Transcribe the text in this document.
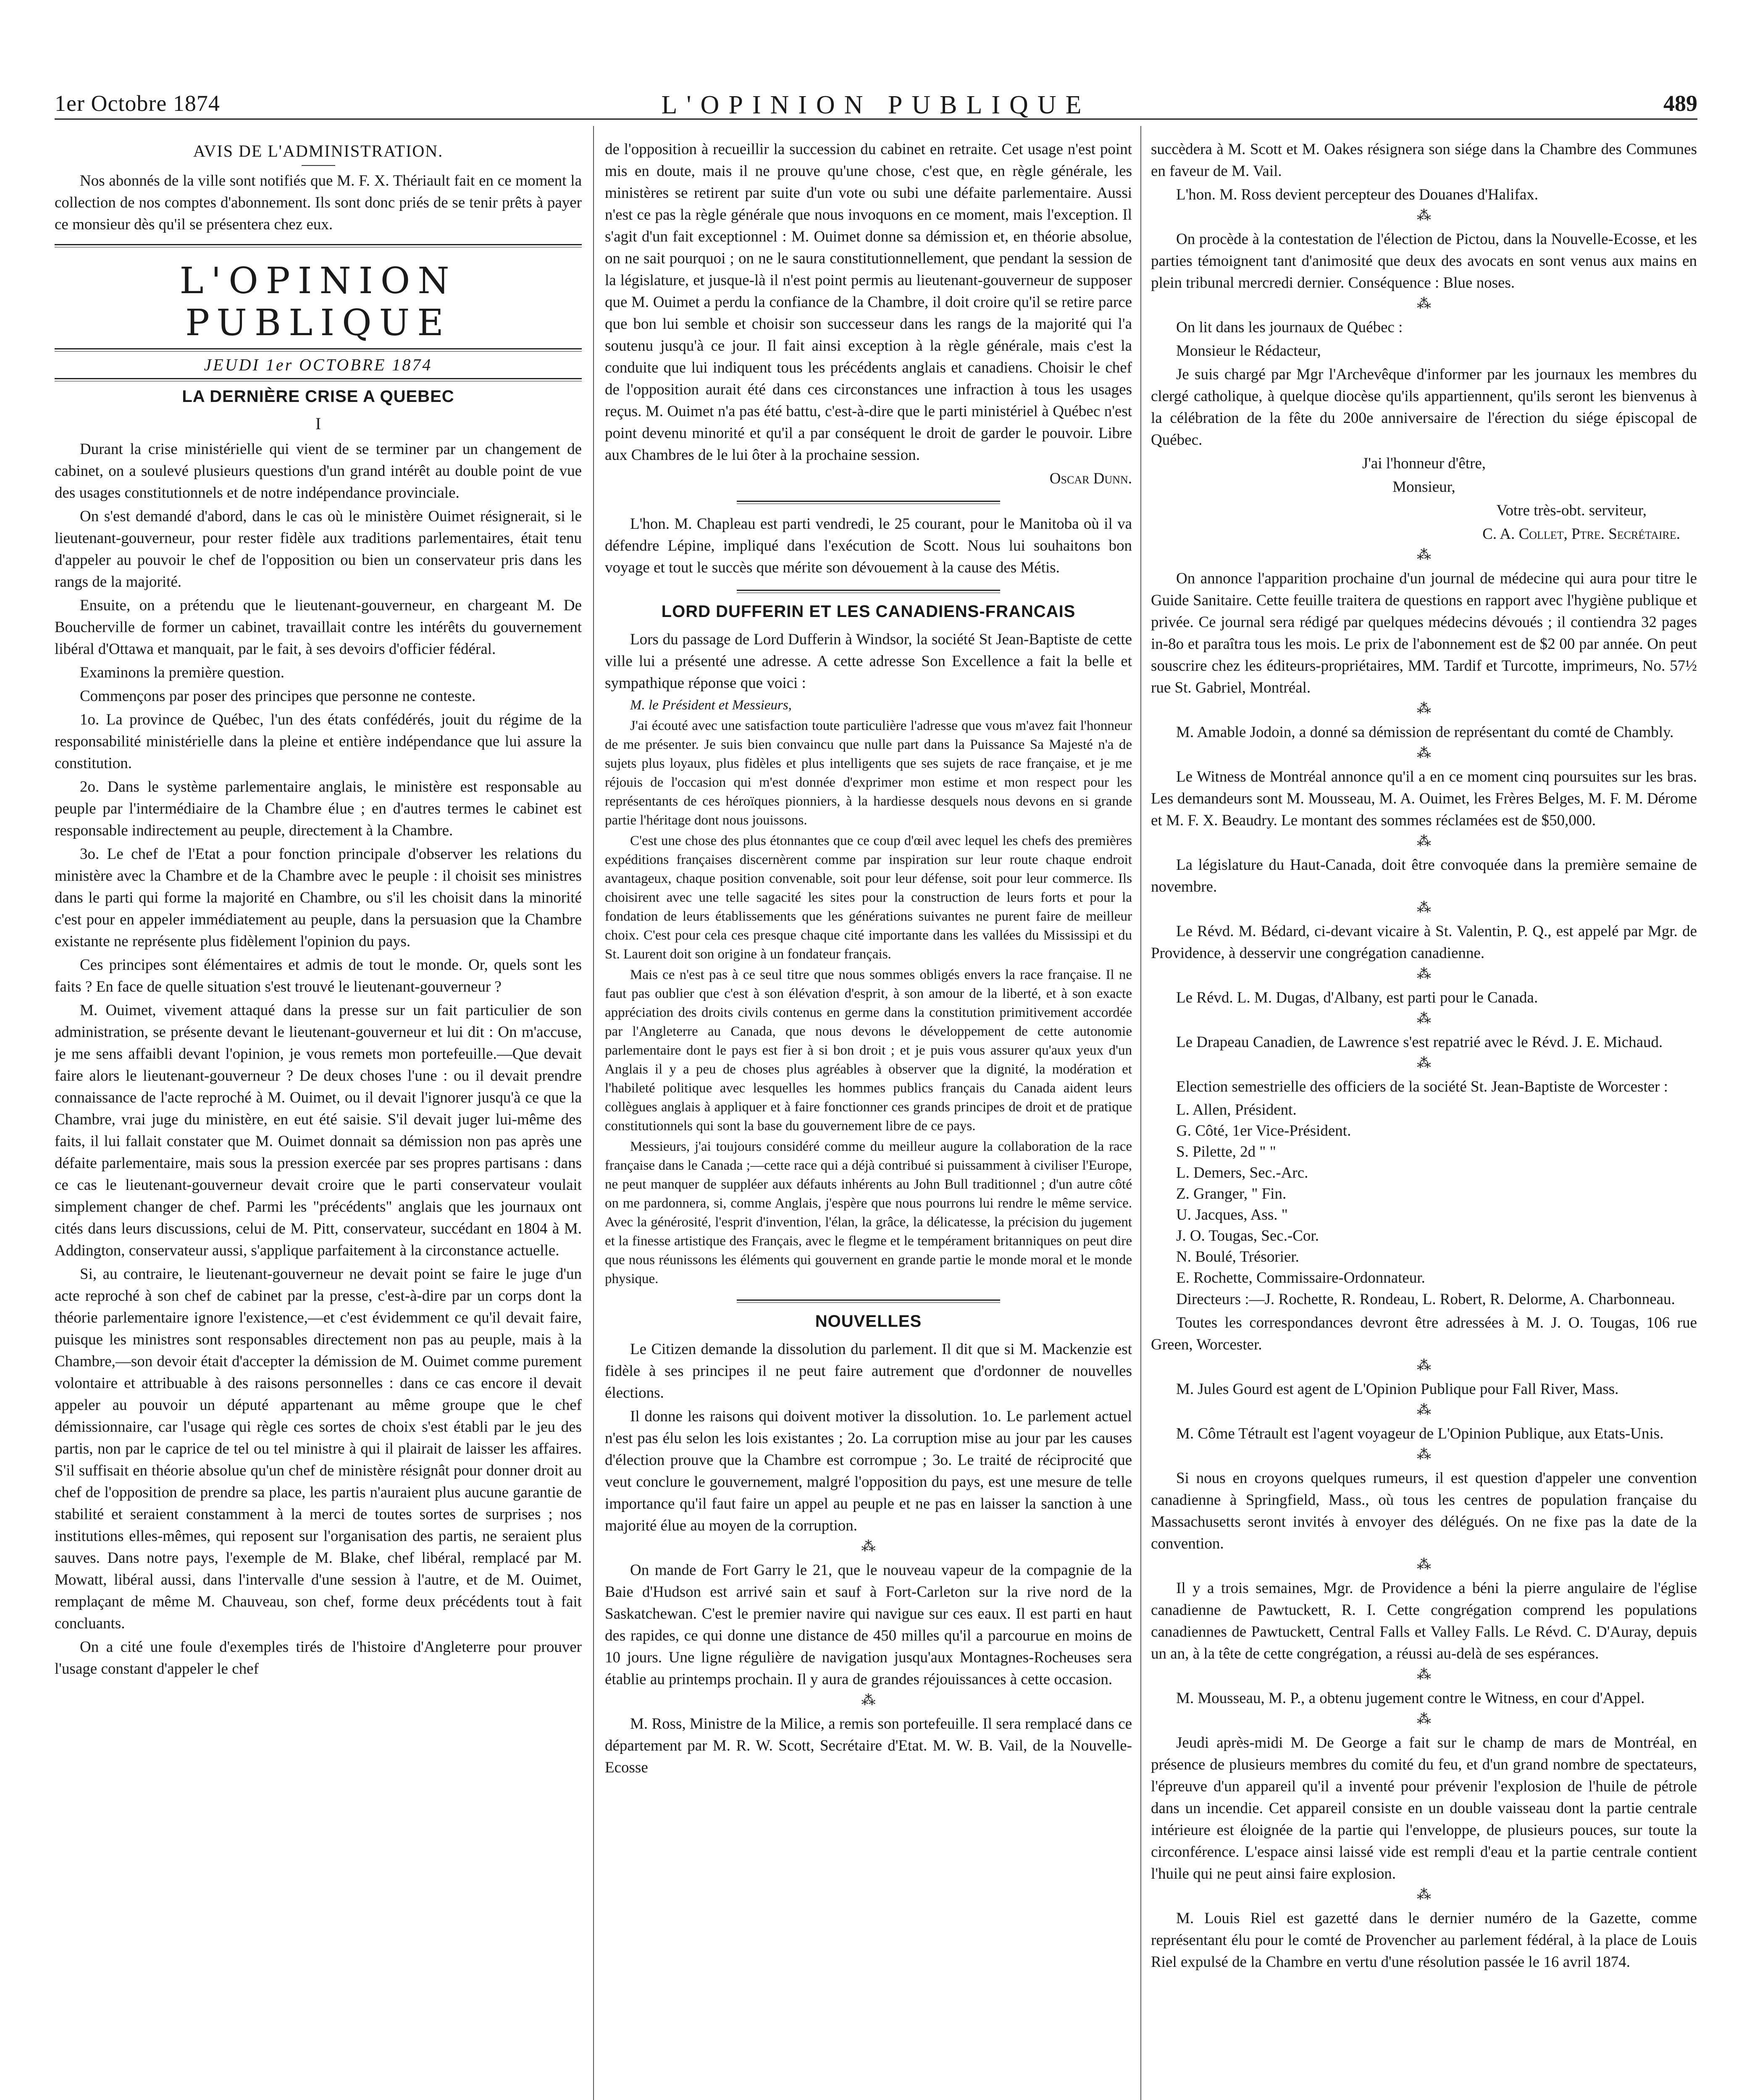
1er Octobre 1874	L'OPINION PUBLIQUE	489
AVIS DE L'ADMINISTRATION.

Nos abonnés de la ville sont notifiés que M. F. X. Thériault fait en ce moment la collection de nos comptes d'abonnement. Ils sont donc priés de se tenir prêts à payer ce monsieur dès qu'il se présentera chez eux.

L'OPINION PUBLIQUE
JEUDI 1er OCTOBRE 1874
LA DERNIÈRE CRISE A QUEBEC
I

Durant la crise ministérielle qui vient de se terminer par un changement de cabinet, on a soulevé plusieurs questions d'un grand intérêt au double point de vue des usages constitutionnels et de notre indépendance provinciale.

On s'est demandé d'abord, dans le cas où le ministère Ouimet résignerait, si le lieutenant-gouverneur, pour rester fidèle aux traditions parlementaires, était tenu d'appeler au pouvoir le chef de l'opposition ou bien un conservateur pris dans les rangs de la majorité.

Ensuite, on a prétendu que le lieutenant-gouverneur, en chargeant M. De Boucherville de former un cabinet, travaillait contre les intérêts du gouvernement libéral d'Ottawa et manquait, par le fait, à ses devoirs d'officier fédéral.

Examinons la première question.

Commençons par poser des principes que personne ne conteste.

1o. La province de Québec, l'un des états confédérés, jouit du régime de la responsabilité ministérielle dans la pleine et entière indépendance que lui assure la constitution.

2o. Dans le système parlementaire anglais, le ministère est responsable au peuple par l'intermédiaire de la Chambre élue ; en d'autres termes le cabinet est responsable indirectement au peuple, directement à la Chambre.

3o. Le chef de l'Etat a pour fonction principale d'observer les relations du ministère avec la Chambre et de la Chambre avec le peuple : il choisit ses ministres dans le parti qui forme la majorité en Chambre, ou s'il les choisit dans la minorité c'est pour en appeler immédiatement au peuple, dans la persuasion que la Chambre existante ne représente plus fidèlement l'opinion du pays.

Ces principes sont élémentaires et admis de tout le monde. Or, quels sont les faits ? En face de quelle situation s'est trouvé le lieutenant-gouverneur ?

M. Ouimet, vivement attaqué dans la presse sur un fait particulier de son administration, se présente devant le lieutenant-gouverneur et lui dit : On m'accuse, je me sens affaibli devant l'opinion, je vous remets mon portefeuille.—Que devait faire alors le lieutenant-gouverneur ? De deux choses l'une : ou il devait prendre connaissance de l'acte reproché à M. Ouimet, ou il devait l'ignorer jusqu'à ce que la Chambre, vrai juge du ministère, en eut été saisie. S'il devait juger lui-même des faits, il lui fallait constater que M. Ouimet donnait sa démission non pas après une défaite parlementaire, mais sous la pression exercée par ses propres partisans : dans ce cas le lieutenant-gouverneur devait croire que le parti conservateur voulait simplement changer de chef. Parmi les "précédents" anglais que les journaux ont cités dans leurs discussions, celui de M. Pitt, conservateur, succédant en 1804 à M. Addington, conservateur aussi, s'applique parfaitement à la circonstance actuelle.

Si, au contraire, le lieutenant-gouverneur ne devait point se faire le juge d'un acte reproché à son chef de cabinet par la presse, c'est-à-dire par un corps dont la théorie parlementaire ignore l'existence,—et c'est évidemment ce qu'il devait faire, puisque les ministres sont responsables directement non pas au peuple, mais à la Chambre,—son devoir était d'accepter la démission de M. Ouimet comme purement volontaire et attribuable à des raisons personnelles : dans ce cas encore il devait appeler au pouvoir un député appartenant au même groupe que le chef démissionnaire, car l'usage qui règle ces sortes de choix s'est établi par le jeu des partis, non par le caprice de tel ou tel ministre à qui il plairait de laisser les affaires. S'il suffisait en théorie absolue qu'un chef de ministère résignât pour donner droit au chef de l'opposition de prendre sa place, les partis n'auraient plus aucune garantie de stabilité et seraient constamment à la merci de toutes sortes de surprises ; nos institutions elles-mêmes, qui reposent sur l'organisation des partis, ne seraient plus sauves. Dans notre pays, l'exemple de M. Blake, chef libéral, remplacé par M. Mowatt, libéral aussi, dans l'intervalle d'une session à l'autre, et de M. Ouimet, remplaçant de même M. Chauveau, son chef, forme deux précédents tout à fait concluants.

On a cité une foule d'exemples tirés de l'histoire d'Angleterre pour prouver l'usage constant d'appeler le chef

de l'opposition à recueillir la succession du cabinet en retraite. Cet usage n'est point mis en doute, mais il ne prouve qu'une chose, c'est que, en règle générale, les ministères se retirent par suite d'un vote ou subi une défaite parlementaire. Aussi n'est ce pas la règle générale que nous invoquons en ce moment, mais l'exception. Il s'agit d'un fait exceptionnel : M. Ouimet donne sa démission et, en théorie absolue, on ne sait pourquoi ; on ne le saura constitutionnellement, que pendant la session de la législature, et jusque-là il n'est point permis au lieutenant-gouverneur de supposer que M. Ouimet a perdu la confiance de la Chambre, il doit croire qu'il se retire parce que bon lui semble et choisir son successeur dans les rangs de la majorité qui l'a soutenu jusqu'à ce jour. Il fait ainsi exception à la règle générale, mais c'est la conduite que lui indiquent tous les précédents anglais et canadiens. Choisir le chef de l'opposition aurait été dans ces circonstances une infraction à tous les usages reçus. M. Ouimet n'a pas été battu, c'est-à-dire que le parti ministériel à Québec n'est point devenu minorité et qu'il a par conséquent le droit de garder le pouvoir. Libre aux Chambres de le lui ôter à la prochaine session.

Oscar Dunn.

L'hon. M. Chapleau est parti vendredi, le 25 courant, pour le Manitoba où il va défendre Lépine, impliqué dans l'exécution de Scott. Nous lui souhaitons bon voyage et tout le succès que mérite son dévouement à la cause des Métis.

LORD DUFFERIN ET LES CANADIENS-FRANCAIS

Lors du passage de Lord Dufferin à Windsor, la société St Jean-Baptiste de cette ville lui a présenté une adresse. A cette adresse Son Excellence a fait la belle et sympathique réponse que voici :

M. le Président et Messieurs,

J'ai écouté avec une satisfaction toute particulière l'adresse que vous m'avez fait l'honneur de me présenter. Je suis bien convaincu que nulle part dans la Puissance Sa Majesté n'a de sujets plus loyaux, plus fidèles et plus intelligents que ses sujets de race française, et je me réjouis de l'occasion qui m'est donnée d'exprimer mon estime et mon respect pour les représentants de ces héroïques pionniers, à la hardiesse desquels nous devons en si grande partie l'héritage dont nous jouissons.

C'est une chose des plus étonnantes que ce coup d'œil avec lequel les chefs des premières expéditions françaises discernèrent comme par inspiration sur leur route chaque endroit avantageux, chaque position convenable, soit pour leur défense, soit pour leur commerce. Ils choisirent avec une telle sagacité les sites pour la construction de leurs forts et pour la fondation de leurs établissements que les générations suivantes ne purent faire de meilleur choix. C'est pour cela ces presque chaque cité importante dans les vallées du Mississipi et du St. Laurent doit son origine à un fondateur français.

Mais ce n'est pas à ce seul titre que nous sommes obligés envers la race française. Il ne faut pas oublier que c'est à son élévation d'esprit, à son amour de la liberté, et à son exacte appréciation des droits civils contenus en germe dans la constitution primitivement accordée par l'Angleterre au Canada, que nous devons le développement de cette autonomie parlementaire dont le pays est fier à si bon droit ; et je puis vous assurer qu'aux yeux d'un Anglais il y a peu de choses plus agréables à observer que la dignité, la modération et l'habileté politique avec lesquelles les hommes publics français du Canada aident leurs collègues anglais à appliquer et à faire fonctionner ces grands principes de droit et de pratique constitutionnels qui sont la base du gouvernement libre de ce pays.

Messieurs, j'ai toujours considéré comme du meilleur augure la collaboration de la race française dans le Canada ;—cette race qui a déjà contribué si puissamment à civiliser l'Europe, ne peut manquer de suppléer aux défauts inhérents au John Bull traditionnel ; d'un autre côté on me pardonnera, si, comme Anglais, j'espère que nous pourrons lui rendre le même service. Avec la générosité, l'esprit d'invention, l'élan, la grâce, la délicatesse, la précision du jugement et la finesse artistique des Français, avec le flegme et le tempérament britanniques on peut dire que nous réunissons les éléments qui gouvernent en grande partie le monde moral et le monde physique.

NOUVELLES

Le Citizen demande la dissolution du parlement. Il dit que si M. Mackenzie est fidèle à ses principes il ne peut faire autrement que d'ordonner de nouvelles élections.

Il donne les raisons qui doivent motiver la dissolution. 1o. Le parlement actuel n'est pas élu selon les lois existantes ; 2o. La corruption mise au jour par les causes d'élection prouve que la Chambre est corrompue ; 3o. Le traité de réciprocité que veut conclure le gouvernement, malgré l'opposition du pays, est une mesure de telle importance qu'il faut faire un appel au peuple et ne pas en laisser la sanction à une majorité élue au moyen de la corruption.

⁂

On mande de Fort Garry le 21, que le nouveau vapeur de la compagnie de la Baie d'Hudson est arrivé sain et sauf à Fort-Carleton sur la rive nord de la Saskatchewan. C'est le premier navire qui navigue sur ces eaux. Il est parti en haut des rapides, ce qui donne une distance de 450 milles qu'il a parcourue en moins de 10 jours. Une ligne régulière de navigation jusqu'aux Montagnes-Rocheuses sera établie au printemps prochain. Il y aura de grandes réjouissances à cette occasion.

⁂

M. Ross, Ministre de la Milice, a remis son portefeuille. Il sera remplacé dans ce département par M. R. W. Scott, Secrétaire d'Etat. M. W. B. Vail, de la Nouvelle-Ecosse

succèdera à M. Scott et M. Oakes résignera son siége dans la Chambre des Communes en faveur de M. Vail.

L'hon. M. Ross devient percepteur des Douanes d'Halifax.

⁂

On procède à la contestation de l'élection de Pictou, dans la Nouvelle-Ecosse, et les parties témoignent tant d'animosité que deux des avocats en sont venus aux mains en plein tribunal mercredi dernier. Conséquence : Blue noses.

⁂

On lit dans les journaux de Québec :

Monsieur le Rédacteur,

Je suis chargé par Mgr l'Archevêque d'informer par les journaux les membres du clergé catholique, à quelque diocèse qu'ils appartiennent, qu'ils seront les bienvenus à la célébration de la fête du 200e anniversaire de l'érection du siége épiscopal de Québec.

J'ai l'honneur d'être,

Monsieur,

Votre très-obt. serviteur,

C. A. Collet, Ptre. Secrétaire.

⁂

On annonce l'apparition prochaine d'un journal de médecine qui aura pour titre le Guide Sanitaire. Cette feuille traitera de questions en rapport avec l'hygiène publique et privée. Ce journal sera rédigé par quelques médecins dévoués ; il contiendra 32 pages in-8o et paraîtra tous les mois. Le prix de l'abonnement est de $2 00 par année. On peut souscrire chez les éditeurs-propriétaires, MM. Tardif et Turcotte, imprimeurs, No. 57½ rue St. Gabriel, Montréal.

⁂

M. Amable Jodoin, a donné sa démission de représentant du comté de Chambly.

⁂

Le Witness de Montréal annonce qu'il a en ce moment cinq poursuites sur les bras. Les demandeurs sont M. Mousseau, M. A. Ouimet, les Frères Belges, M. F. M. Dérome et M. F. X. Beaudry. Le montant des sommes réclamées est de $50,000.

⁂

La législature du Haut-Canada, doit être convoquée dans la première semaine de novembre.

⁂

Le Révd. M. Bédard, ci-devant vicaire à St. Valentin, P. Q., est appelé par Mgr. de Providence, à desservir une congrégation canadienne.

⁂

Le Révd. L. M. Dugas, d'Albany, est parti pour le Canada.

⁂

Le Drapeau Canadien, de Lawrence s'est repatrié avec le Révd. J. E. Michaud.

⁂

Election semestrielle des officiers de la société St. Jean-Baptiste de Worcester :

L. Allen, Président.
G. Côté, 1er Vice-Président.
S. Pilette, 2d " "
L. Demers, Sec.-Arc.
Z. Granger, " Fin.
U. Jacques, Ass. "
J. O. Tougas, Sec.-Cor.
N. Boulé, Trésorier.
E. Rochette, Commissaire-Ordonnateur.

Directeurs :—J. Rochette, R. Rondeau, L. Robert, R. Delorme, A. Charbonneau.

Toutes les correspondances devront être adressées à M. J. O. Tougas, 106 rue Green, Worcester.

⁂

M. Jules Gourd est agent de L'Opinion Publique pour Fall River, Mass.

⁂

M. Côme Tétrault est l'agent voyageur de L'Opinion Publique, aux Etats-Unis.

⁂

Si nous en croyons quelques rumeurs, il est question d'appeler une convention canadienne à Springfield, Mass., où tous les centres de population française du Massachusetts seront invités à envoyer des délégués. On ne fixe pas la date de la convention.

⁂

Il y a trois semaines, Mgr. de Providence a béni la pierre angulaire de l'église canadienne de Pawtuckett, R. I. Cette congrégation comprend les populations canadiennes de Pawtuckett, Central Falls et Valley Falls. Le Révd. C. D'Auray, depuis un an, à la tête de cette congrégation, a réussi au-delà de ses espérances.

⁂

M. Mousseau, M. P., a obtenu jugement contre le Witness, en cour d'Appel.

⁂

Jeudi après-midi M. De George a fait sur le champ de mars de Montréal, en présence de plusieurs membres du comité du feu, et d'un grand nombre de spectateurs, l'épreuve d'un appareil qu'il a inventé pour prévenir l'explosion de l'huile de pétrole dans un incendie. Cet appareil consiste en un double vaisseau dont la partie centrale intérieure est éloignée de la partie qui l'enveloppe, de plusieurs pouces, sur toute la circonférence. L'espace ainsi laissé vide est rempli d'eau et la partie centrale contient l'huile qui ne peut ainsi faire explosion.

⁂

M. Louis Riel est gazetté dans le dernier numéro de la Gazette, comme représentant élu pour le comté de Provencher au parlement fédéral, à la place de Louis Riel expulsé de la Chambre en vertu d'une résolution passée le 16 avril 1874.
